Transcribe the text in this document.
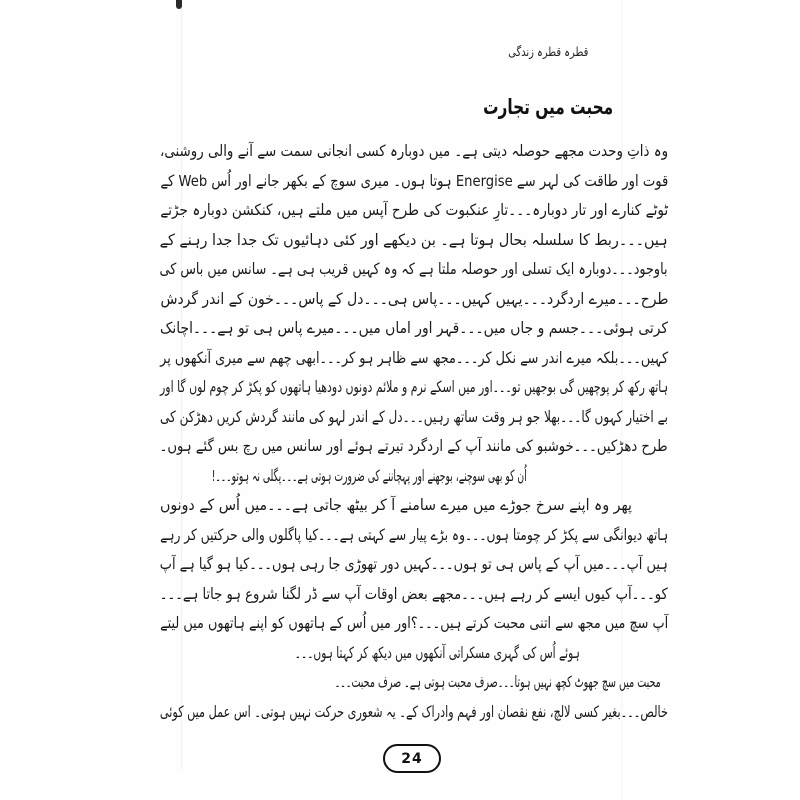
قطرہ قطرہ زندگی
محبت میں تجارت
وہ ذاتِ وحدت مجھے حوصلہ دیتی ہے۔ میں دوبارہ کسی انجانی سمت سے آنے والی روشنی،
قوت اور طاقت کی لہر سے Energise ہوتا ہوں۔ میری سوچ کے بکھر جانے اور اُس Web کے
ٹوٹے کنارے اور تار دوبارہ۔۔۔تارِ عنکبوت کی طرح آپس میں ملتے ہیں، کنکشن دوبارہ جڑتے
ہیں۔۔۔ربط کا سلسلہ بحال ہوتا ہے۔ بن دیکھے اور کئی دہائیوں تک جدا جدا رہنے کے
باوجود۔۔۔دوبارہ ایک تسلی اور حوصلہ ملتا ہے کہ وہ کہیں قریب ہی ہے۔ سانس میں باس کی
طرح۔۔۔میرے اردگرد۔۔۔یہیں کہیں۔۔۔پاس ہی۔۔۔دل کے پاس۔۔۔خون کے اندر گردش
کرتی ہوئی۔۔۔جسم و جاں میں۔۔۔قہر اور اماں میں۔۔۔میرے پاس ہی تو ہے۔۔۔اچانک
کہیں۔۔۔بلکہ میرے اندر سے نکل کر۔۔۔مجھ سے ظاہر ہو کر۔۔۔ابھی چھم سے میری آنکھوں پر
ہاتھ رکھ کر پوچھیں گی بوجھیں تو۔۔۔اور میں اسکے نرم و ملائم دونوں دودھیا ہاتھوں کو پکڑ کر چوم لوں گا اور
بے اختیار کہوں گا۔۔۔بھلا جو ہر وقت ساتھ رہیں۔۔۔دل کے اندر لہو کی مانند گردش کریں دھڑکن کی
طرح دھڑکیں۔۔۔خوشبو کی مانند آپ کے اردگرد تیرتے ہوئے اور سانس میں رچ بس گئے ہوں۔
اُن کو بھی سوچنے، بوجھنے اور پہچاننے کی ضرورت ہوتی ہے۔۔۔پگلی نہ ہوتو۔۔۔!
پھر وہ اپنے سرخ جوڑے میں میرے سامنے آ کر بیٹھ جاتی ہے۔۔۔میں اُس کے دونوں
ہاتھ دیوانگی سے پکڑ کر چومتا ہوں۔۔۔وہ بڑے پیار سے کہتی ہے۔۔۔کیا پاگلوں والی حرکتیں کر رہے
ہیں آپ۔۔۔میں آپ کے پاس ہی تو ہوں۔۔۔کہیں دور تھوڑی جا رہی ہوں۔۔۔کیا ہو گیا ہے آپ
کو۔۔۔آپ کیوں ایسے کر رہے ہیں۔۔۔مجھے بعض اوقات آپ سے ڈر لگنا شروع ہو جاتا ہے۔۔۔
آپ سچ میں مجھ سے اتنی محبت کرتے ہیں۔۔۔؟اور میں اُس کے ہاتھوں کو اپنے ہاتھوں میں لیتے
ہوئے اُس کی گہری مسکراتی آنکھوں میں دیکھ کر کہتا ہوں۔۔۔
محبت میں سچ جھوٹ کچھ نہیں ہوتا۔۔۔صرف محبت ہوتی ہے۔ صرف محبت۔۔۔
خالص۔۔۔بغیر کسی لالچ، نفع نقصان اور فہم وادراک کے۔ یہ شعوری حرکت نہیں ہوتی۔ اس عمل میں کوئی
24
